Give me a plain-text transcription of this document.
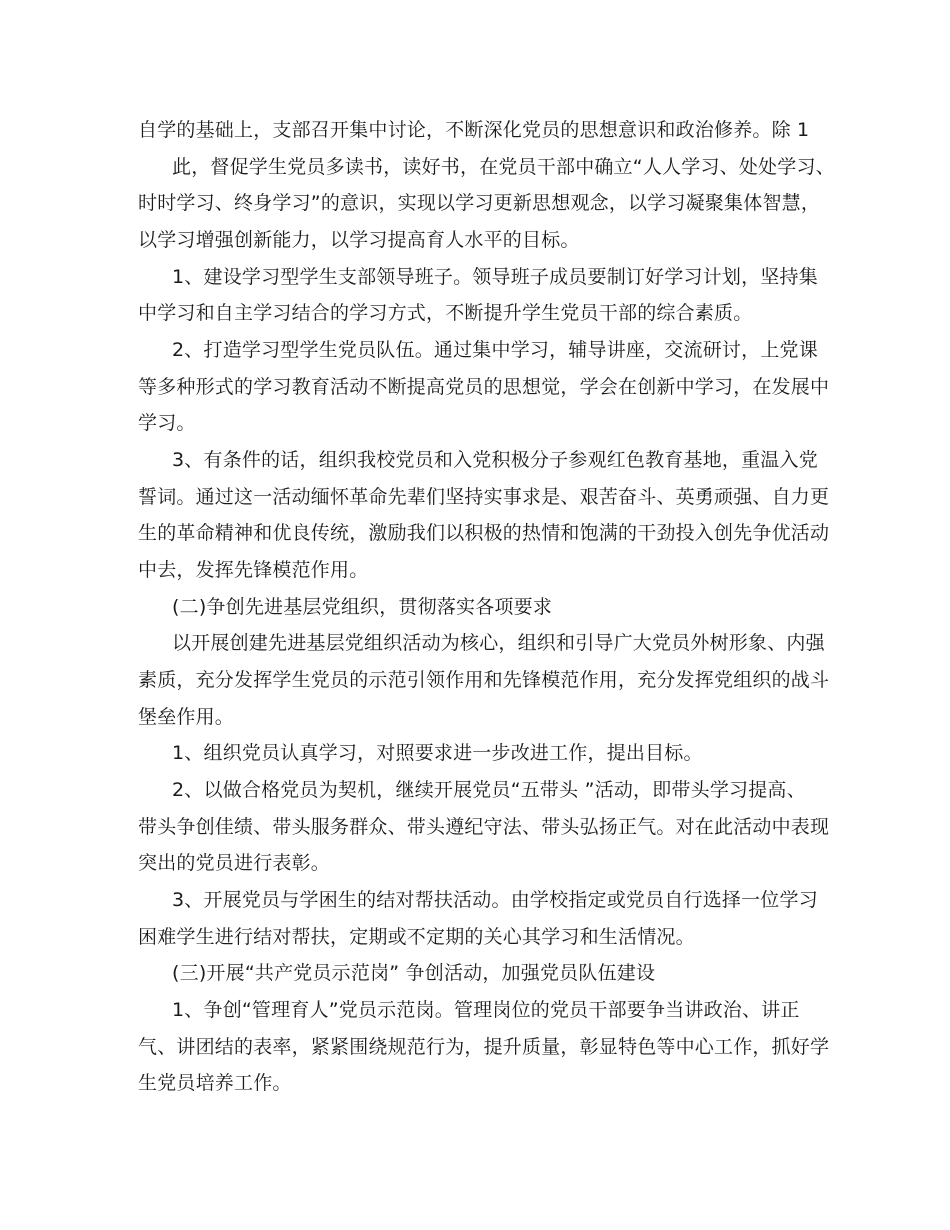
自学的基础上，支部召开集中讨论，不断深化党员的思想意识和政治修养。除 1
此，督促学生党员多读书，读好书，在党员干部中确立“人人学习、处处学习、
时时学习、终身学习”的意识，实现以学习更新思想观念，以学习凝聚集体智慧，
以学习增强创新能力，以学习提高育人水平的目标。
1、建设学习型学生支部领导班子。领导班子成员要制订好学习计划，坚持集
中学习和自主学习结合的学习方式，不断提升学生党员干部的综合素质。
2、打造学习型学生党员队伍。通过集中学习，辅导讲座，交流研讨，上党课
等多种形式的学习教育活动不断提高党员的思想觉，学会在创新中学习，在发展中
学习。
3、有条件的话，组织我校党员和入党积极分子参观红色教育基地，重温入党
誓词。通过这一活动缅怀革命先辈们坚持实事求是、艰苦奋斗、英勇顽强、自力更
生的革命精神和优良传统，激励我们以积极的热情和饱满的干劲投入创先争优活动
中去，发挥先锋模范作用。
(二)争创先进基层党组织，贯彻落实各项要求
以开展创建先进基层党组织活动为核心，组织和引导广大党员外树形象、内强
素质，充分发挥学生党员的示范引领作用和先锋模范作用，充分发挥党组织的战斗
堡垒作用。
1、组织党员认真学习，对照要求进一步改进工作，提出目标。
2、以做合格党员为契机，继续开展党员“五带头 ”活动，即带头学习提高、
带头争创佳绩、带头服务群众、带头遵纪守法、带头弘扬正气。对在此活动中表现
突出的党员进行表彰。
3、开展党员与学困生的结对帮扶活动。由学校指定或党员自行选择一位学习
困难学生进行结对帮扶，定期或不定期的关心其学习和生活情况。
(三)开展“共产党员示范岗” 争创活动，加强党员队伍建设
1、争创“管理育人”党员示范岗。管理岗位的党员干部要争当讲政治、讲正
气、讲团结的表率，紧紧围绕规范行为，提升质量，彰显特色等中心工作，抓好学
生党员培养工作。
